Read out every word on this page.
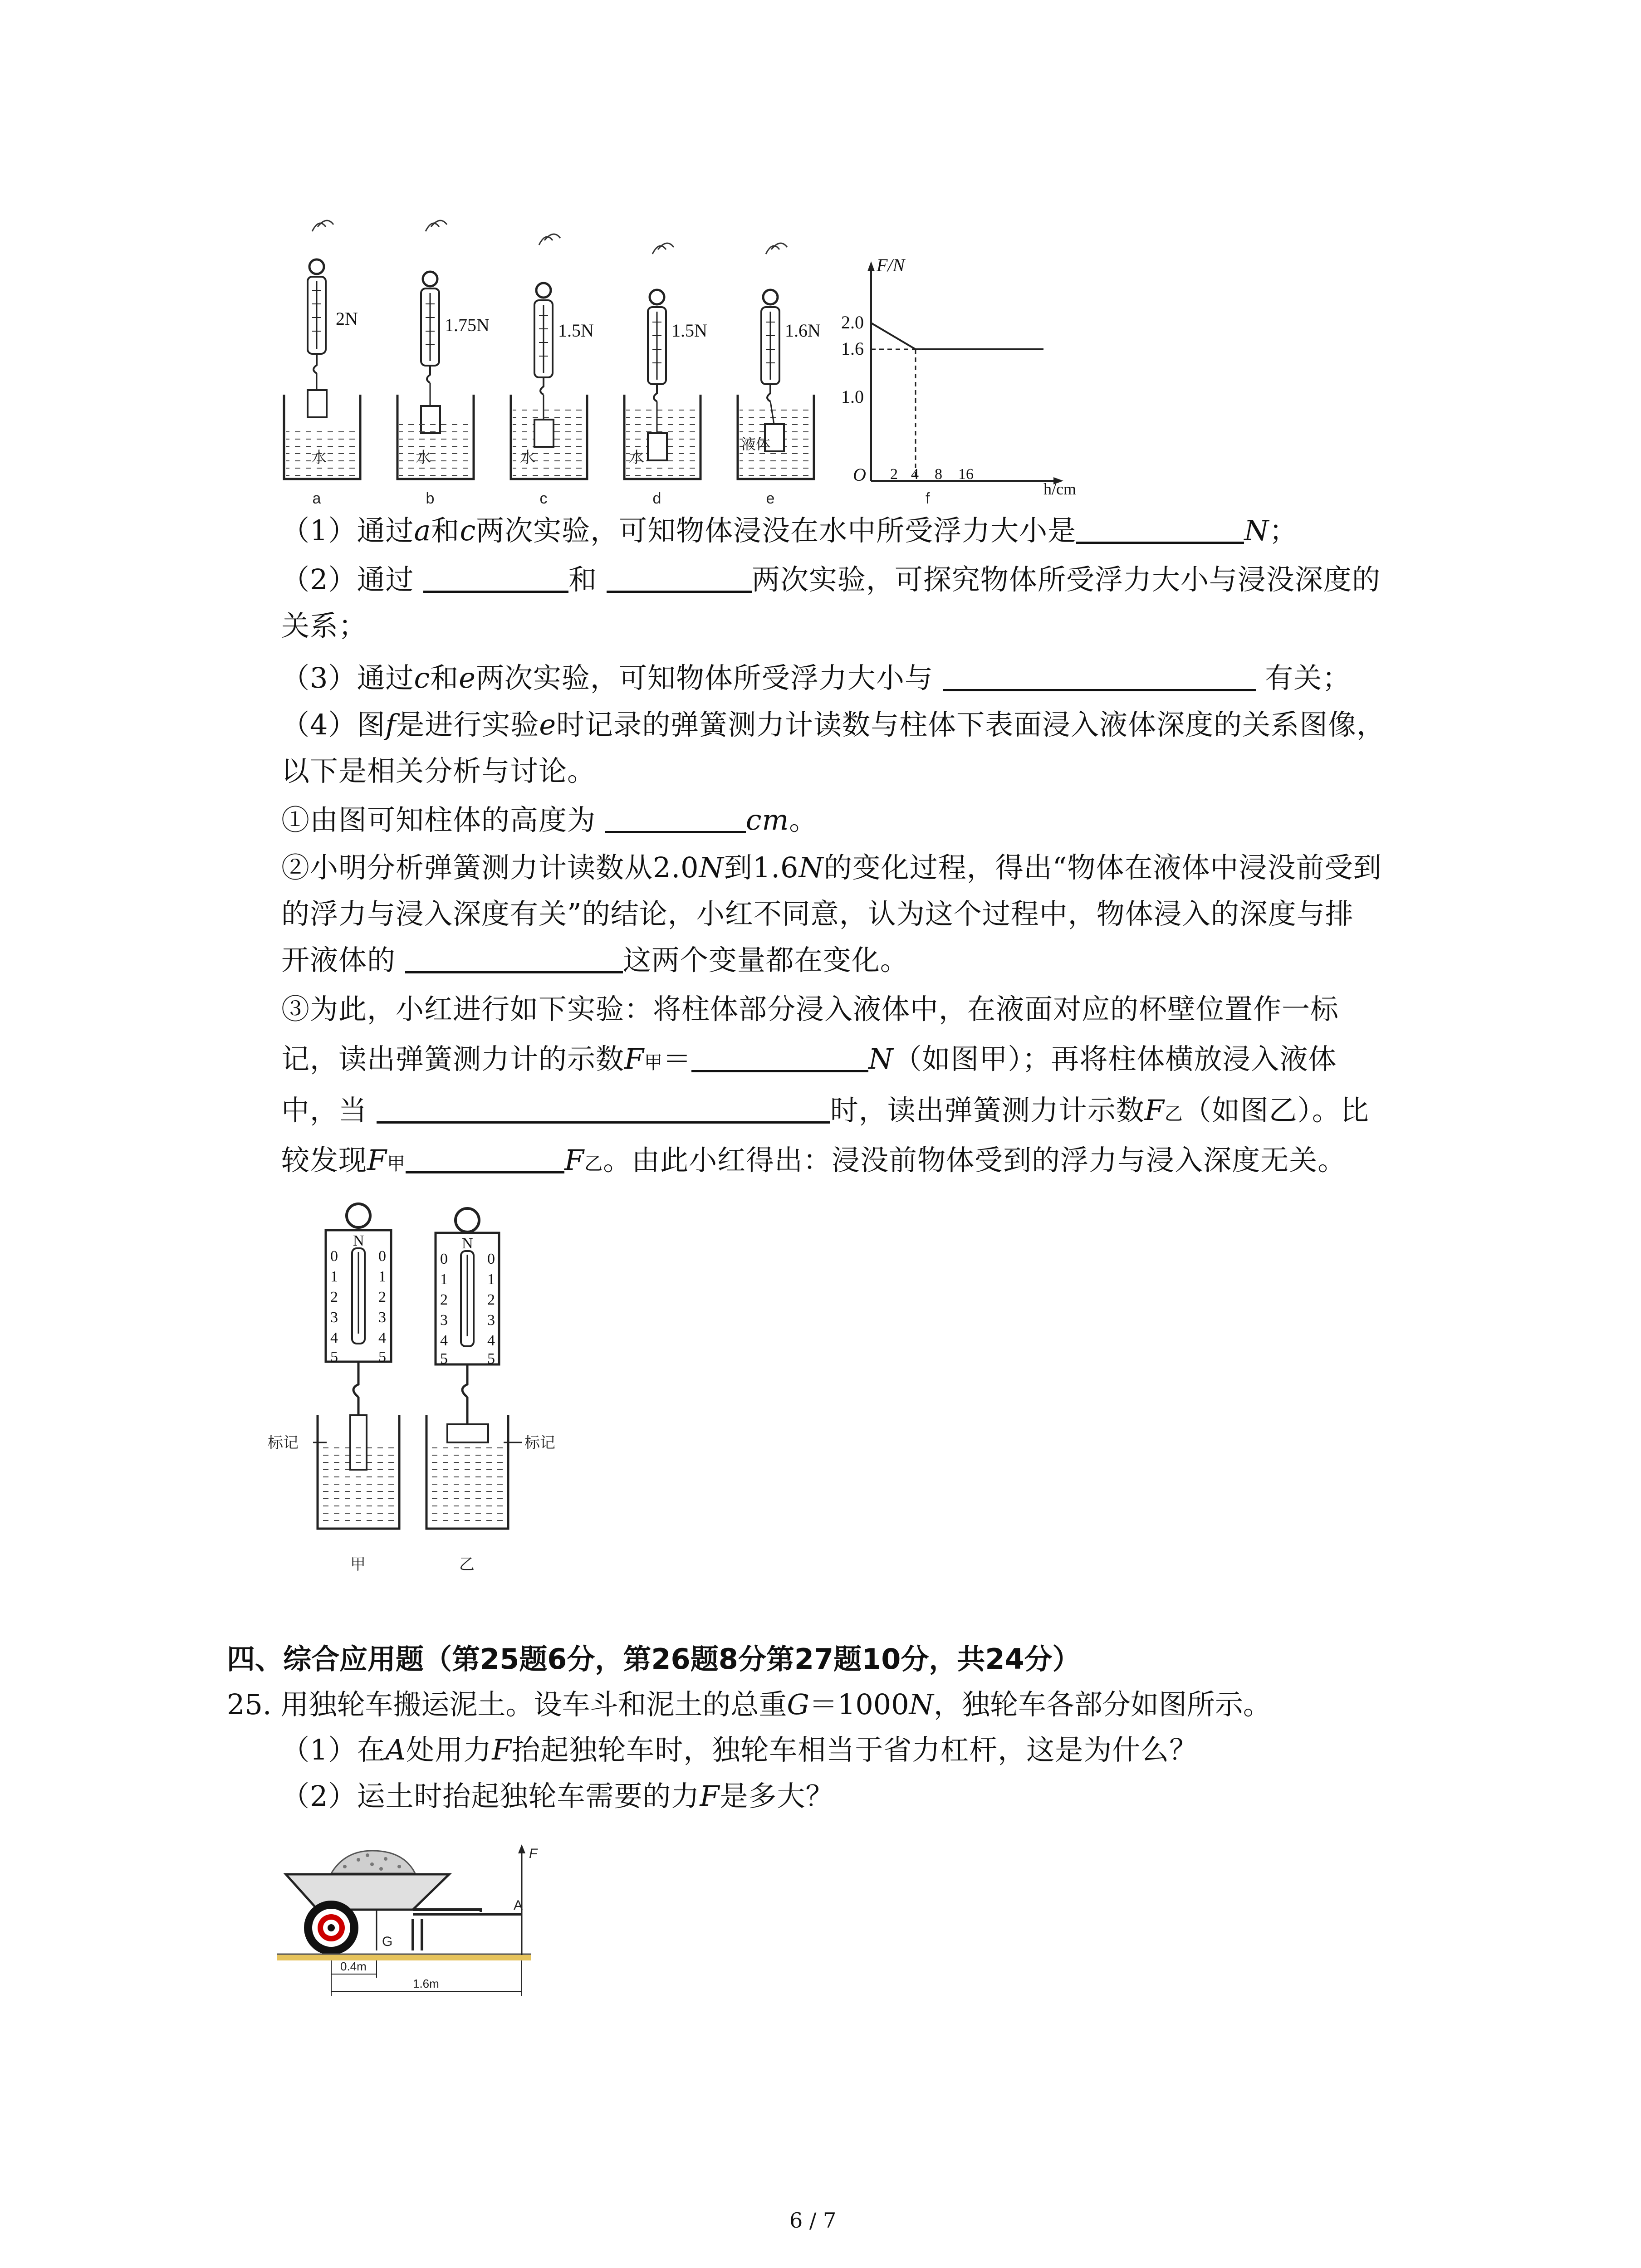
2N
水
a
1.75N
水
b
1.5N
水
c
1.5N
水
d
1.6N
液体
e
F/N
2.0
1.6
1.0
O 2 4 8 16
h/cm
f
（1）通过a和c两次实验，可知物体浸没在水中所受浮力大小是	N；
（2）通过	和	两次实验，可探究物体所受浮力大小与浸没深度的
关系；
（3）通过c和e两次实验，可知物体所受浮力大小与	有关；
（4）图f是进行实验e时记录的弹簧测力计读数与柱体下表面浸入液体深度的关系图像，
以下是相关分析与讨论。
①由图可知柱体的高度为	cm。
②小明分析弹簧测力计读数从2.0N到1.6N的变化过程，得出“物体在液体中浸没前受到
的浮力与浸入深度有关”的结论，小红不同意，认为这个过程中，物体浸入的深度与排
开液体的	这两个变量都在变化。
③为此，小红进行如下实验：将柱体部分浸入液体中，在液面对应的杯壁位置作一标
记，读出弹簧测力计的示数F甲＝	N（如图甲）；再将柱体横放浸入液体
中，当	时，读出弹簧测力计示数F乙（如图乙）。比
较发现F甲	F乙。由此小红得出：浸没前物体受到的浮力与浸入深度无关。
N
0
1
2
3
4
5
0
1
2
3
4
5
标记
甲
N
0
1
2
3
4
5
0
1
2
3
4
5
标记
乙
四、综合应用题（第25题6分，第26题8分第27题10分，共24分）
25. 用独轮车搬运泥土。设车斗和泥土的总重G＝1000N，独轮车各部分如图所示。
（1）在A处用力F抬起独轮车时，独轮车相当于省力杠杆，这是为什么？
（2）运土时抬起独轮车需要的力F是多大？
G
F
A
0.4m
1.6m
6 / 7
